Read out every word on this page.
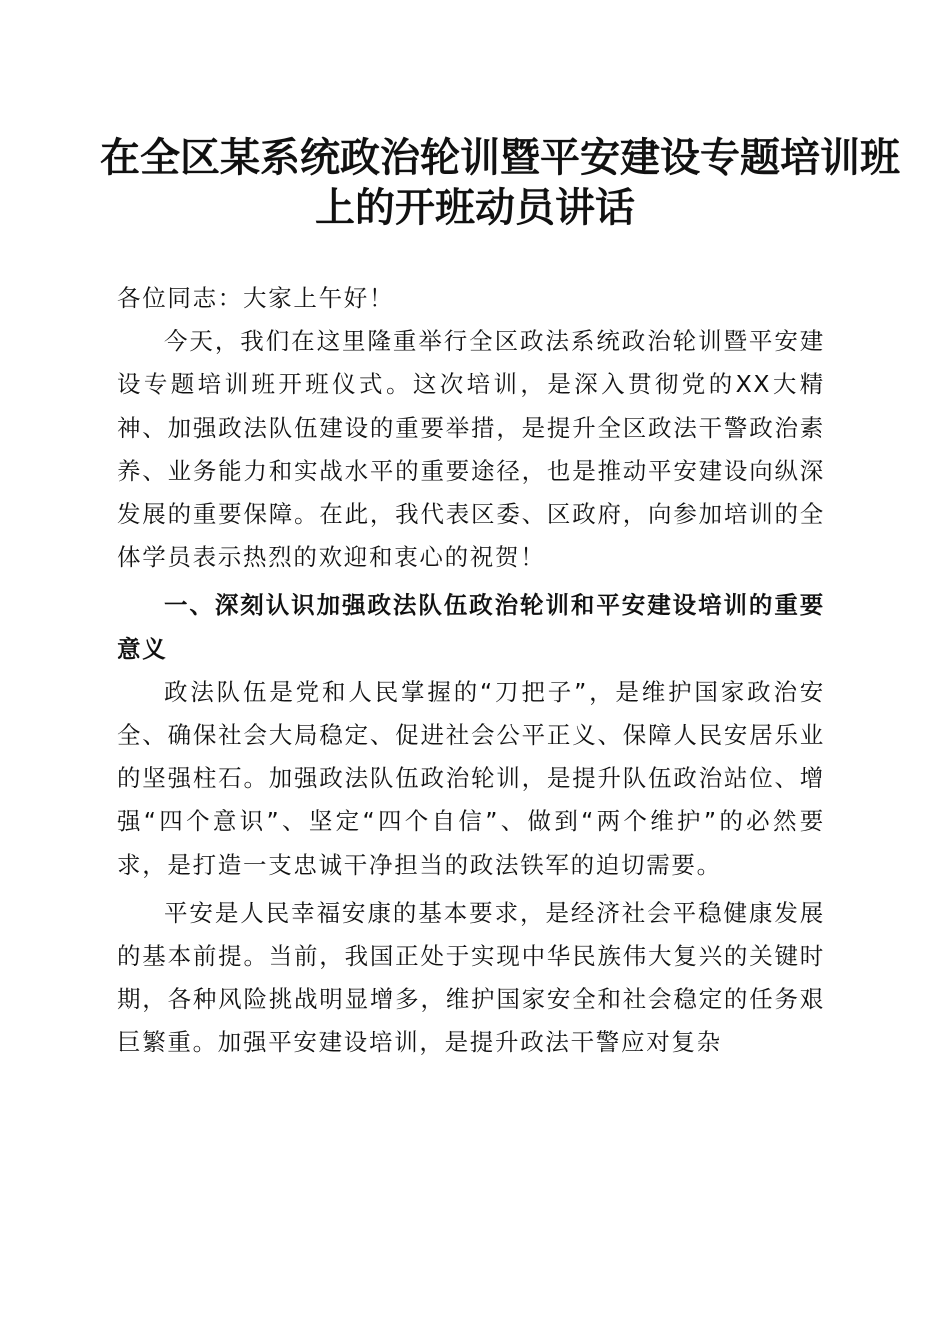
在全区某系统政治轮训暨平安建设专题培训班
上的开班动员讲话

各位同志：大家上午好！

今天，我们在这里隆重举行全区政法系统政治轮训暨平安建设专题培训班开班仪式。这次培训，是深入贯彻党的XX大精神、加强政法队伍建设的重要举措，是提升全区政法干警政治素养、业务能力和实战水平的重要途径，也是推动平安建设向纵深发展的重要保障。在此，我代表区委、区政府，向参加培训的全体学员表示热烈的欢迎和衷心的祝贺！

一、深刻认识加强政法队伍政治轮训和平安建设培训的重要意义

政法队伍是党和人民掌握的“刀把子”，是维护国家政治安全、确保社会大局稳定、促进社会公平正义、保障人民安居乐业的坚强柱石。加强政法队伍政治轮训，是提升队伍政治站位、增强“四个意识”、坚定“四个自信”、做到“两个维护”的必然要求，是打造一支忠诚干净担当的政法铁军的迫切需要。

平安是人民幸福安康的基本要求，是经济社会平稳健康发展的基本前提。当前，我国正处于实现中华民族伟大复兴的关键时期，各种风险挑战明显增多，维护国家安全和社会稳定的任务艰巨繁重。加强平安建设培训，是提升政法干警应对复杂
